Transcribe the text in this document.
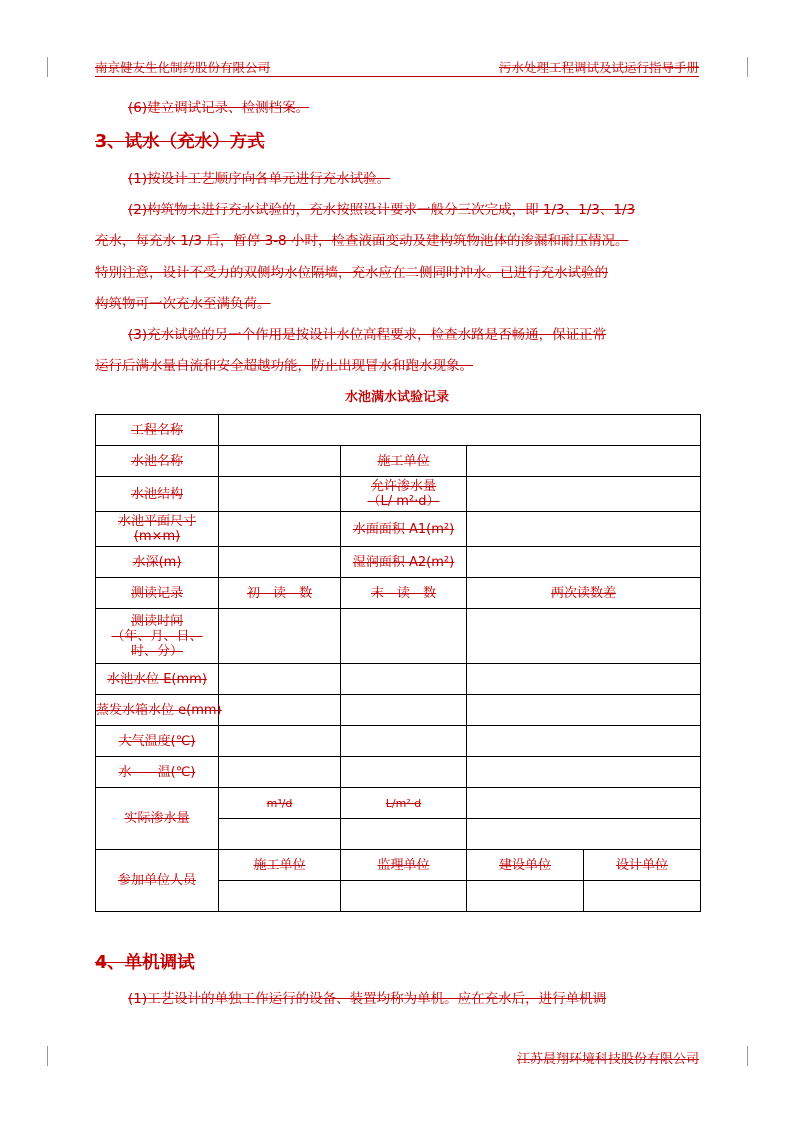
南京健友生化制药股份有限公司	污水处理工程调试及试运行指导手册
(6)建立调试记录、检测档案。
3、试水（充水）方式
(1)按设计工艺顺序向各单元进行充水试验。
(2)构筑物未进行充水试验的，充水按照设计要求一般分三次完成，即 1/3、1/3、1/3
充水，每充水 1/3 后，暂停 3-8 小时，检查液面变动及建构筑物池体的渗漏和耐压情况。
特别注意，设计不受力的双侧均水位隔墙，充水应在二侧同时冲水。已进行充水试验的
构筑物可一次充水至满负荷。
(3)充水试验的另一个作用是按设计水位高程要求，检查水路是否畅通，保证正常
运行后满水量自流和安全超越功能，防止出现冒水和跑水现象。
水池满水试验记录
工程名称				
水池名称		施工单位		
水池结构		允许渗水量
（L/ m²·d）		

水池平面尺寸
(m×m)		水面面积 A1(m²)		
水深(m)		湿润面积 A2(m²)		
测读记录	初　读　数	末　读　数	两次读数差	

测读时间
（年、月、日、
时、分）				

水池水位 E(mm)				
蒸发水箱水位 e(mm)				
大气温度(℃)				
水　　温(℃)				
实际渗水量	m³/d	L/m²·d		

参加单位人员	施工单位	监理单位	建设单位	设计单位

4、单机调试
(1)工艺设计的单独工作运行的设备、装置均称为单机。应在充水后，进行单机调
江苏晨翔环境科技股份有限公司
